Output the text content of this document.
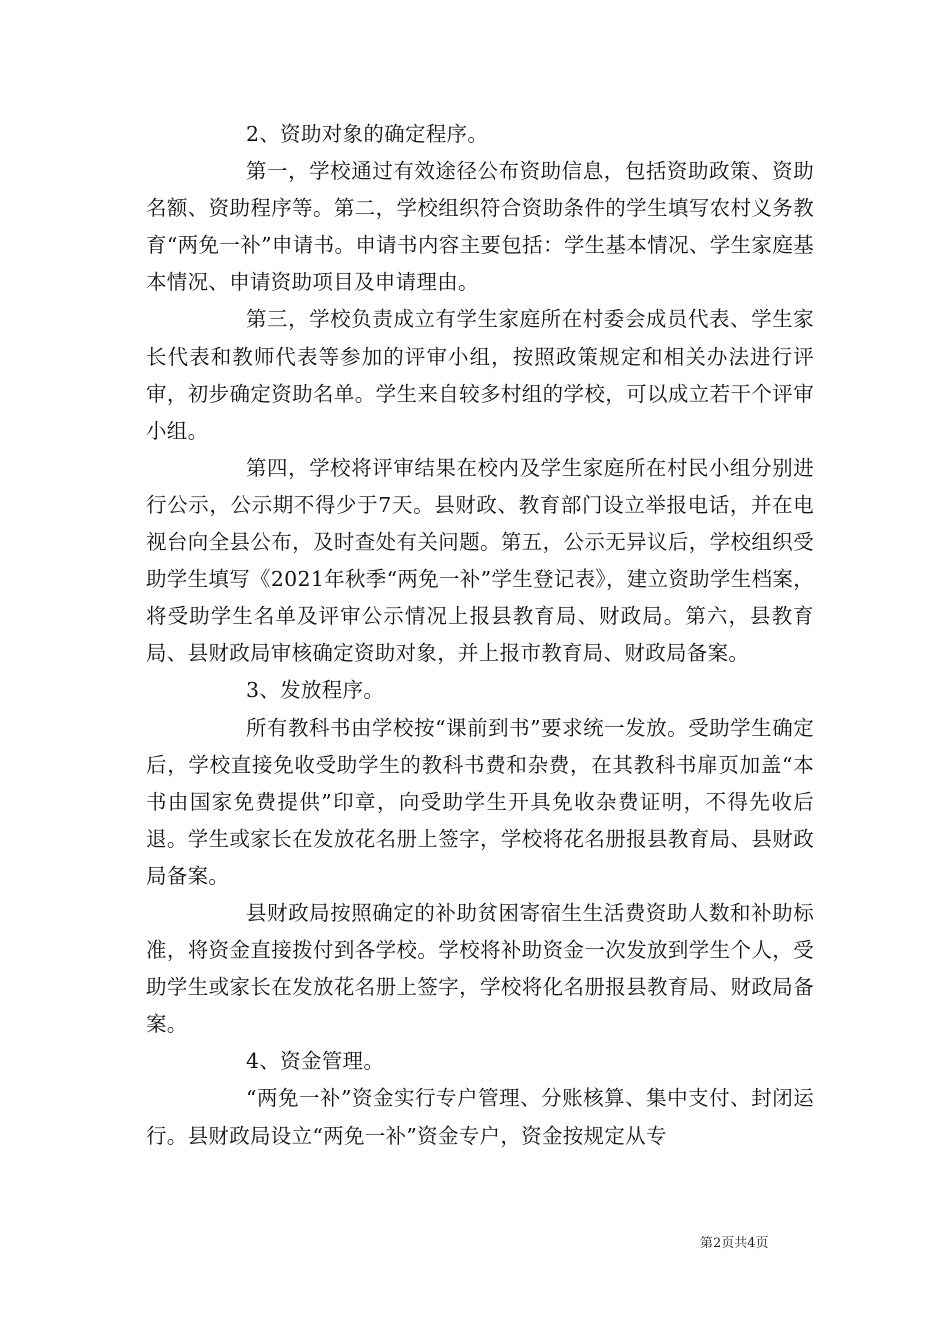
2、资助对象的确定程序。

第一，学校通过有效途径公布资助信息，包括资助政策、资助名额、资助程序等。第二，学校组织符合资助条件的学生填写农村义务教育“两免一补”申请书。申请书内容主要包括：学生基本情况、学生家庭基本情况、申请资助项目及申请理由。

第三，学校负责成立有学生家庭所在村委会成员代表、学生家长代表和教师代表等参加的评审小组，按照政策规定和相关办法进行评审，初步确定资助名单。学生来自较多村组的学校，可以成立若干个评审小组。

第四，学校将评审结果在校内及学生家庭所在村民小组分别进行公示，公示期不得少于7天。县财政、教育部门设立举报电话，并在电视台向全县公布，及时查处有关问题。第五，公示无异议后，学校组织受助学生填写《2021年秋季“两免一补”学生登记表》，建立资助学生档案，将受助学生名单及评审公示情况上报县教育局、财政局。第六，县教育局、县财政局审核确定资助对象，并上报市教育局、财政局备案。

3、发放程序。

所有教科书由学校按“课前到书”要求统一发放。受助学生确定后，学校直接免收受助学生的教科书费和杂费，在其教科书扉页加盖“本书由国家免费提供”印章，向受助学生开具免收杂费证明，不得先收后退。学生或家长在发放花名册上签字，学校将花名册报县教育局、县财政局备案。

县财政局按照确定的补助贫困寄宿生生活费资助人数和补助标准，将资金直接拨付到各学校。学校将补助资金一次发放到学生个人，受助学生或家长在发放花名册上签字，学校将化名册报县教育局、财政局备案。

4、资金管理。

“两免一补”资金实行专户管理、分账核算、集中支付、封闭运行。县财政局设立“两免一补”资金专户，资金按规定从专

第2页共4页
